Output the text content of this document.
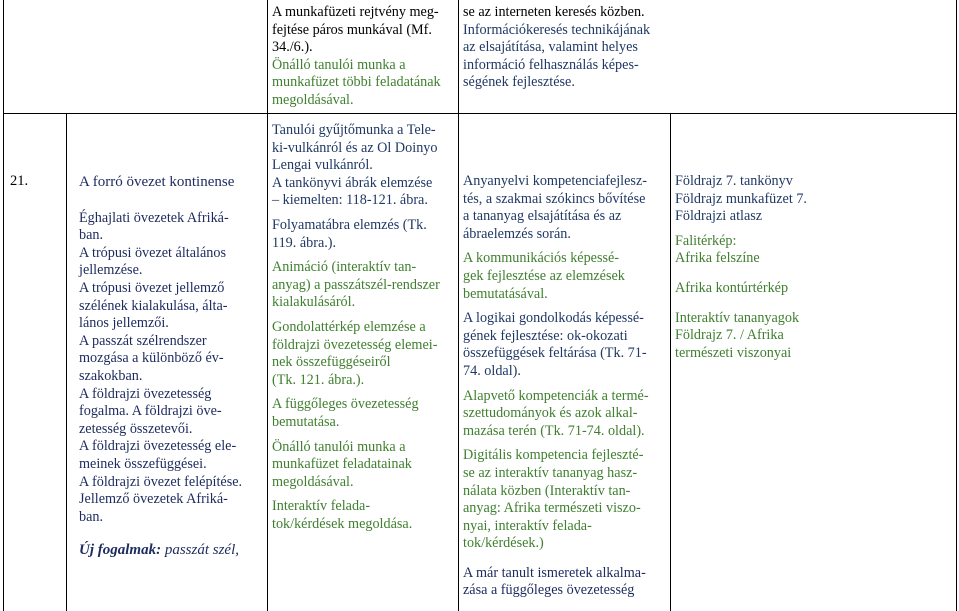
A munkafüzeti rejtvény meg-
fejtése páros munkával (Mf.
34./6.).

Önálló tanulói munka a
munkafüzet többi feladatának
megoldásával.

se az interneten keresés közben.

Információkeresés technikájának
az elsajátítása, valamint helyes
információ felhasználás képes-
ségének fejlesztése.

21.	A forró övezet kontinense

Éghajlati övezetek Afriká-
ban.

A trópusi övezet általános
jellemzése.

A trópusi övezet jellemző
szélének kialakulása, álta-
lános jellemzői.

A passzát szélrendszer
mozgása a különböző év-
szakokban.

A földrajzi övezetesség
fogalma. A földrajzi öve-
zetesség összetevői.

A földrajzi övezetesség ele-
meinek összefüggései.

A földrajzi övezet felépítése.

Jellemző övezetek Afriká-
ban.

Új fogalmak: passzát szél,

Tanulói gyűjtőmunka a Tele-
ki-vulkánról és az Ol Doinyo
Lengai vulkánról.

A tankönyvi ábrák elemzése
– kiemelten: 118-121. ábra.

Folyamatábra elemzés (Tk.
119. ábra.).

Animáció (interaktív tan-
anyag) a passzátszél-rendszer
kialakulásáról.

Gondolattérkép elemzése a
földrajzi övezetesség elemei-
nek összefüggéseiről
(Tk. 121. ábra.).

A függőleges övezetesség
bemutatása.

Önálló tanulói munka a
munkafüzet feladatainak
megoldásával.

Interaktív felada-
tok/kérdések megoldása.

Anyanyelvi kompetenciafejlesz-
tés, a szakmai szókincs bővítése
a tananyag elsajátítása és az
ábraelemzés során.

A kommunikációs képessé-
gek fejlesztése az elemzések
bemutatásával.

A logikai gondolkodás képessé-
gének fejlesztése: ok-okozati
összefüggések feltárása (Tk. 71-
74. oldal).

Alapvető kompetenciák a termé-
szettudományok és azok alkal-
mazása terén (Tk. 71-74. oldal).

Digitális kompetencia fejleszté-
se az interaktív tananyag hasz-
nálata közben (Interaktív tan-
anyag: Afrika természeti viszo-
nyai, interaktív felada-
tok/kérdések.)

A már tanult ismeretek alkalma-
zása a függőleges övezetesség

Földrajz 7. tankönyv
Földrajz munkafüzet 7.
Földrajzi atlasz

Falitérkép:
Afrika felszíne

Afrika kontúrtérkép

Interaktív tananyagok
Földrajz 7. / Afrika
természeti viszonyai
